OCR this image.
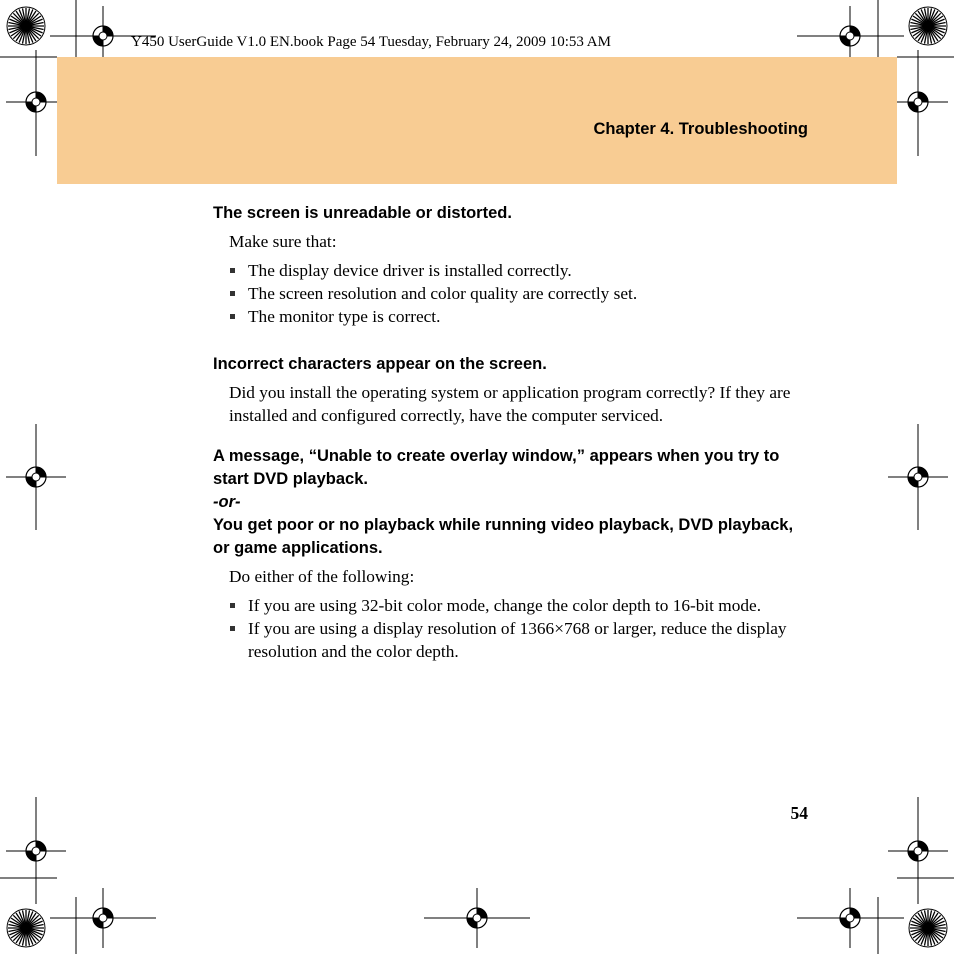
Y450 UserGuide V1.0 EN.book Page 54 Tuesday, February 24, 2009 10:53 AM
Chapter 4. Troubleshooting
The screen is unreadable or distorted.

Make sure that:

The display device driver is installed correctly.
The screen resolution and color quality are correctly set.
The monitor type is correct.
Incorrect characters appear on the screen.

Did you install the operating system or application program correctly? If they are installed and configured correctly, have the computer serviced.

A message, “Unable to create overlay window,” appears when you try to start DVD playback.
-or-
You get poor or no playback while running video playback, DVD playback, or game applications.

Do either of the following:

If you are using 32-bit color mode, change the color depth to 16-bit mode.
If you are using a display resolution of 1366×768 or larger, reduce the display resolution and the color depth.
54
